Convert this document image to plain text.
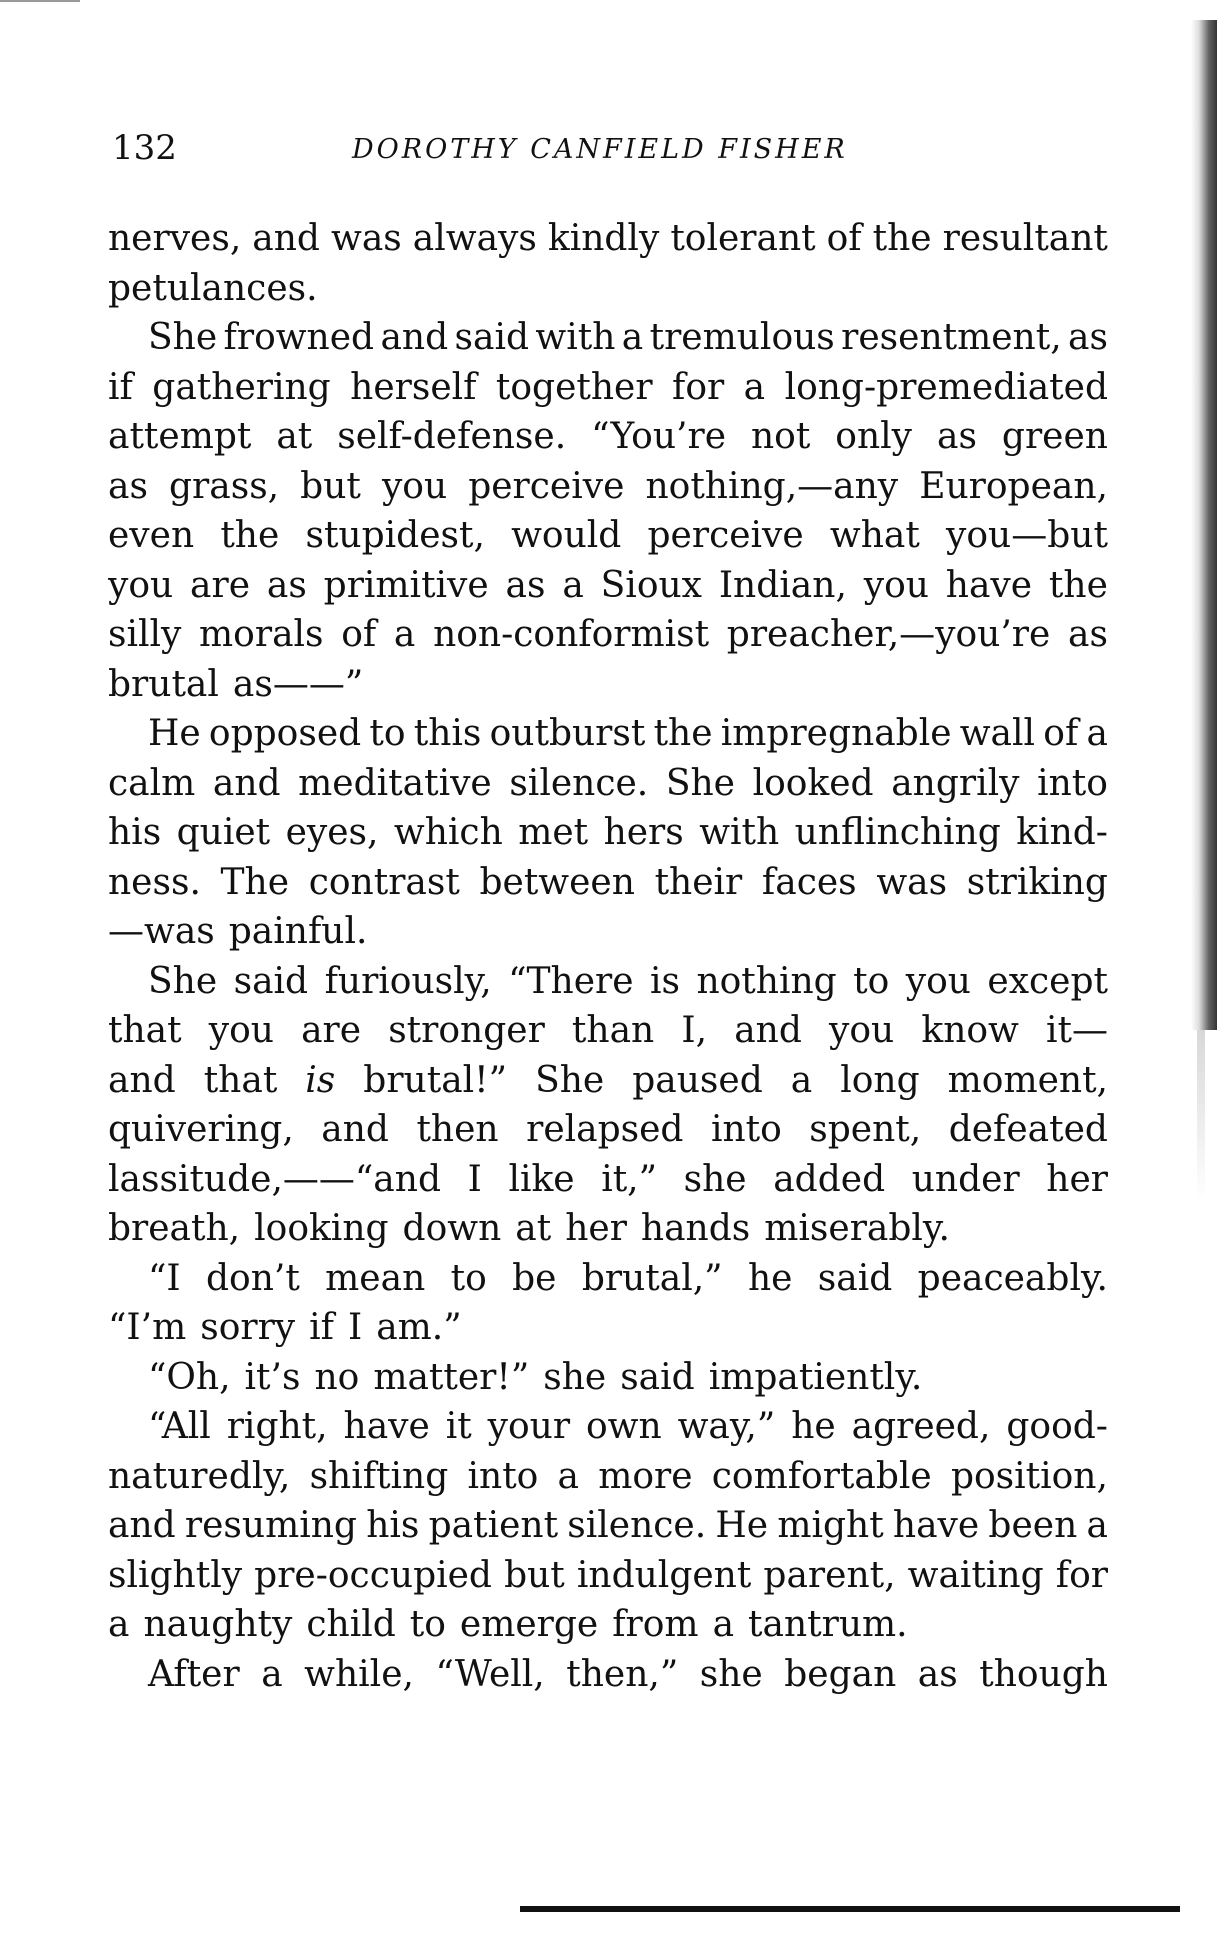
132	DOROTHY CANFIELD FISHER
nerves, and was always kindly tolerant of the resultant
petulances.
She frowned and said with a tremulous resentment, as
if gathering herself together for a long-premediated
attempt at self-defense. “You’re not only as green
as grass, but you perceive nothing,—any European,
even the stupidest, would perceive what you—but
you are as primitive as a Sioux Indian, you have the
silly morals of a non-conformist preacher,—you’re as
brutal as——”
He opposed to this outburst the impregnable wall of a
calm and meditative silence. She looked angrily into
his quiet eyes, which met hers with unflinching kind-
ness. The contrast between their faces was striking
—was painful.
She said furiously, “There is nothing to you except
that you are stronger than I, and you know it—
and that is brutal!” She paused a long moment,
quivering, and then relapsed into spent, defeated
lassitude,——“and I like it,” she added under her
breath, looking down at her hands miserably.
“I don’t mean to be brutal,” he said peaceably.
“I’m sorry if I am.”
“Oh, it’s no matter!” she said impatiently.
“All right, have it your own way,” he agreed, good-
naturedly, shifting into a more comfortable position,
and resuming his patient silence. He might have been a
slightly pre-occupied but indulgent parent, waiting for
a naughty child to emerge from a tantrum.
After a while, “Well, then,” she began as though
